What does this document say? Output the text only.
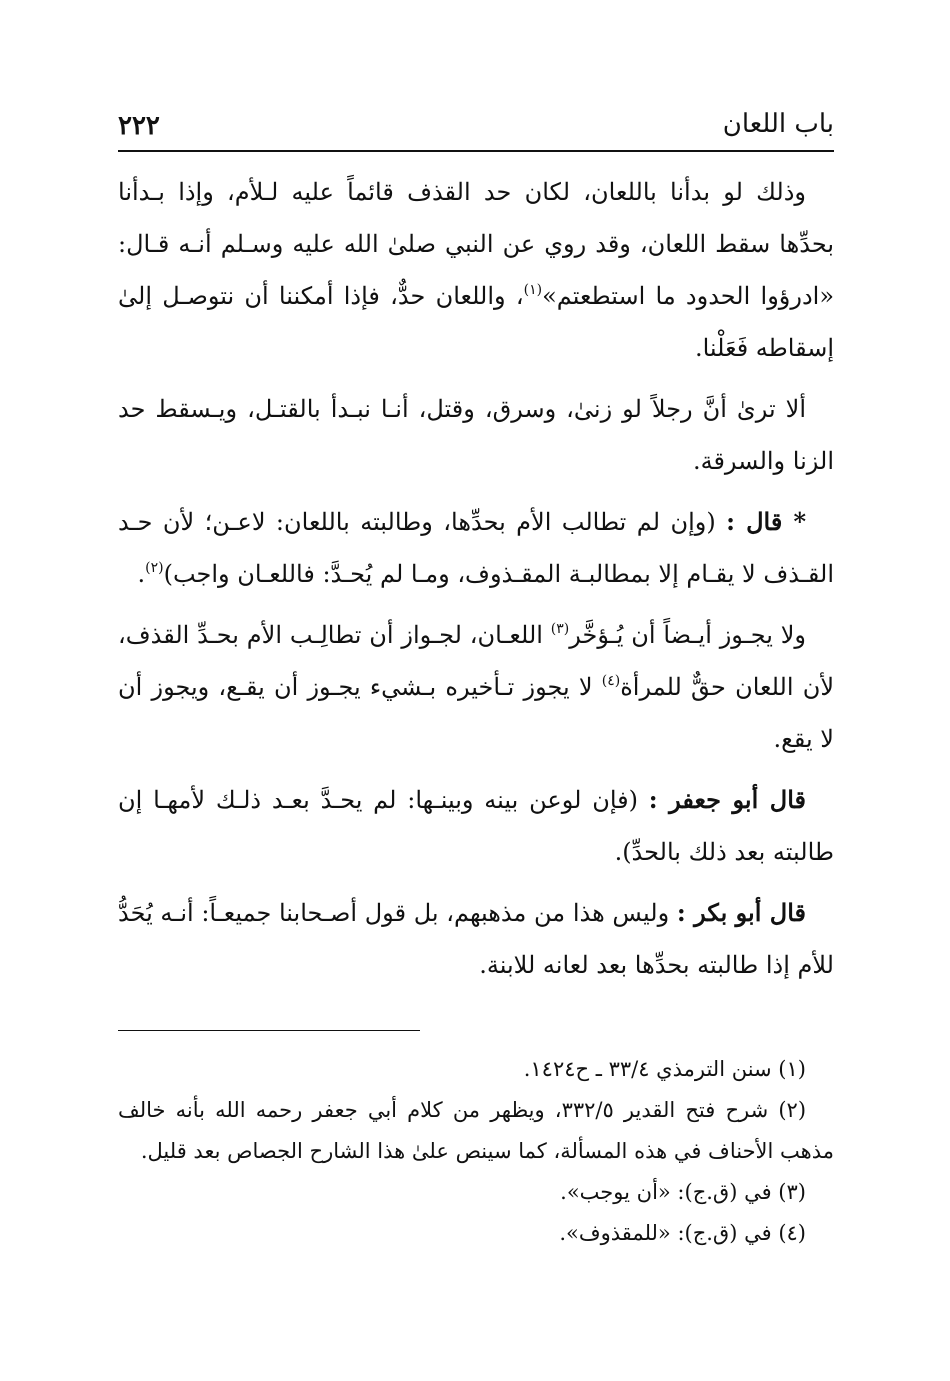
باب اللعان
٢٢٢

وذلك لو بدأنا باللعان، لكان حد القذف قائماً عليه لـلأم، وإذا بـدأنا بحدِّها سقط اللعان، وقد روي عن النبي صلىٰ الله عليه وسـلم أنـه قـال: «ادرؤوا الحدود ما استطعتم»$^{(١)}$، واللعان حدٌّ، فإذا أمكننا أن نتوصـل إلىٰ إسقاطه فَعَلْنا.

ألا ترىٰ أنَّ رجلاً لو زنىٰ، وسرق، وقتل، أنـا نبـدأ بالقتـل، ويـسقط حد الزنا والسرقة.

* قال : (وإن لم تطالب الأم بحدِّها، وطالبته باللعان: لاعـن؛ لأن حـد القـذف لا يقـام إلا بمطالبـة المقـذوف، ومـا لم يُحـدَّ: فاللعـان واجب)$^{(٢)}$.

ولا يجـوز أيـضاً أن يُـؤخَّر$^{(٣)}$ اللعـان، لجـواز أن تطالِـب الأم بحـدِّ القذف، لأن اللعان حقٌّ للمرأة$^{(٤)}$ لا يجوز تـأخيره بـشيء يجـوز أن يقـع، ويجوز أن لا يقع.

قال أبو جعفر : (فإن لوعن بينه وبينـها: لم يحـدَّ بعـد ذلـك لأمهـا إن طالبته بعد ذلك بالحدِّ).

قال أبو بكر : وليس هذا من مذهبهم، بل قول أصـحابنا جميعـاً: أنـه يُحَدُّ للأم إذا طالبته بحدِّها بعد لعانه للابنة.

(١) سنن الترمذي ٣٣/٤ ـ ح١٤٢٤.

(٢) شرح فتح القدير ٣٣٢/٥، ويظهر من كلام أبي جعفر رحمه الله بأنه خالف مذهب الأحناف في هذه المسألة، كما سينص علىٰ هذا الشارح الجصاص بعد قليل.

(٣) في (ق.ج): «أن يوجب».

(٤) في (ق.ج): «للمقذوف».
